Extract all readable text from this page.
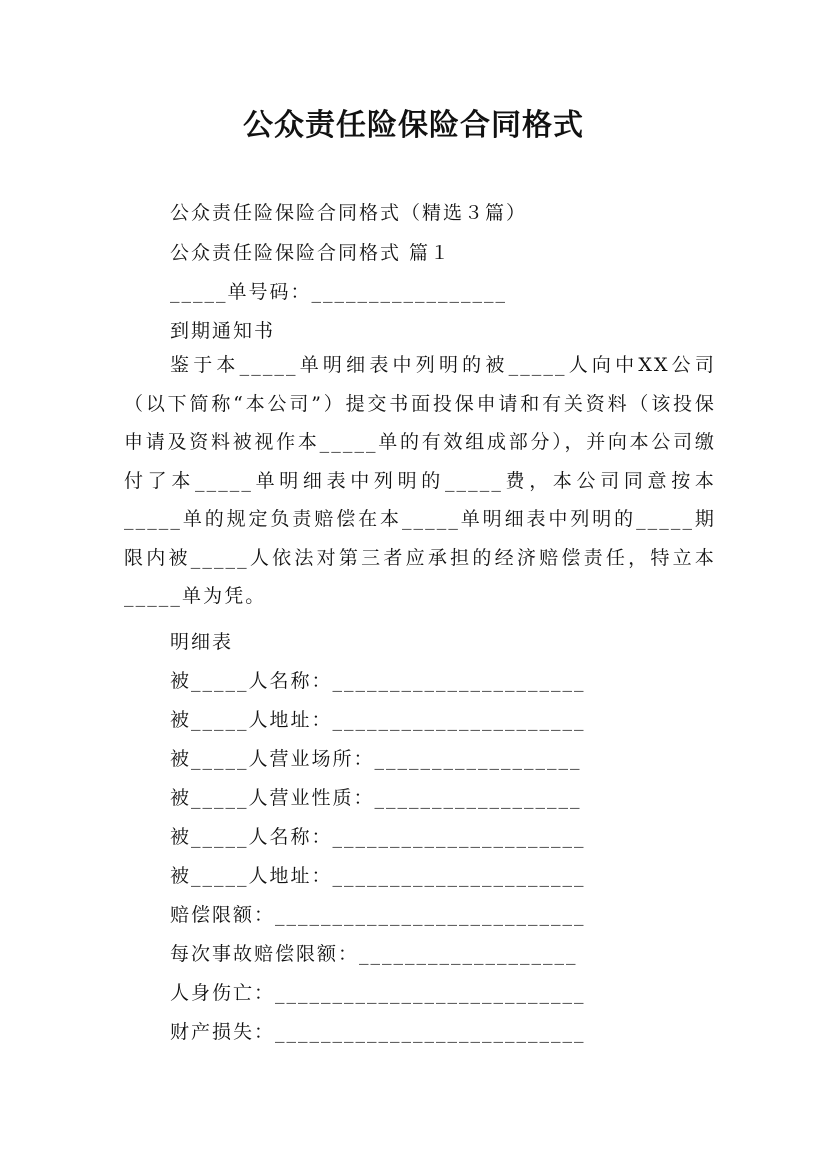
公众责任险保险合同格式
公众责任险保险合同格式（精选３篇）
公众责任险保险合同格式 篇１
_____单号码：_________________
到期通知书
鉴于本_____单明细表中列明的被_____人向中XX公司（以下简称“本公司”）提交书面投保申请和有关资料（该投保申请及资料被视作本_____单的有效组成部分），并向本公司缴付了本_____单明细表中列明的_____费，本公司同意按本_____单的规定负责赔偿在本_____单明细表中列明的_____期限内被_____人依法对第三者应承担的经济赔偿责任，特立本_____单为凭。
明细表
被_____人名称：______________________
被_____人地址：______________________
被_____人营业场所：__________________
被_____人营业性质：__________________
被_____人名称：______________________
被_____人地址：______________________
赔偿限额：___________________________
每次事故赔偿限额：___________________
人身伤亡：___________________________
财产损失：___________________________
